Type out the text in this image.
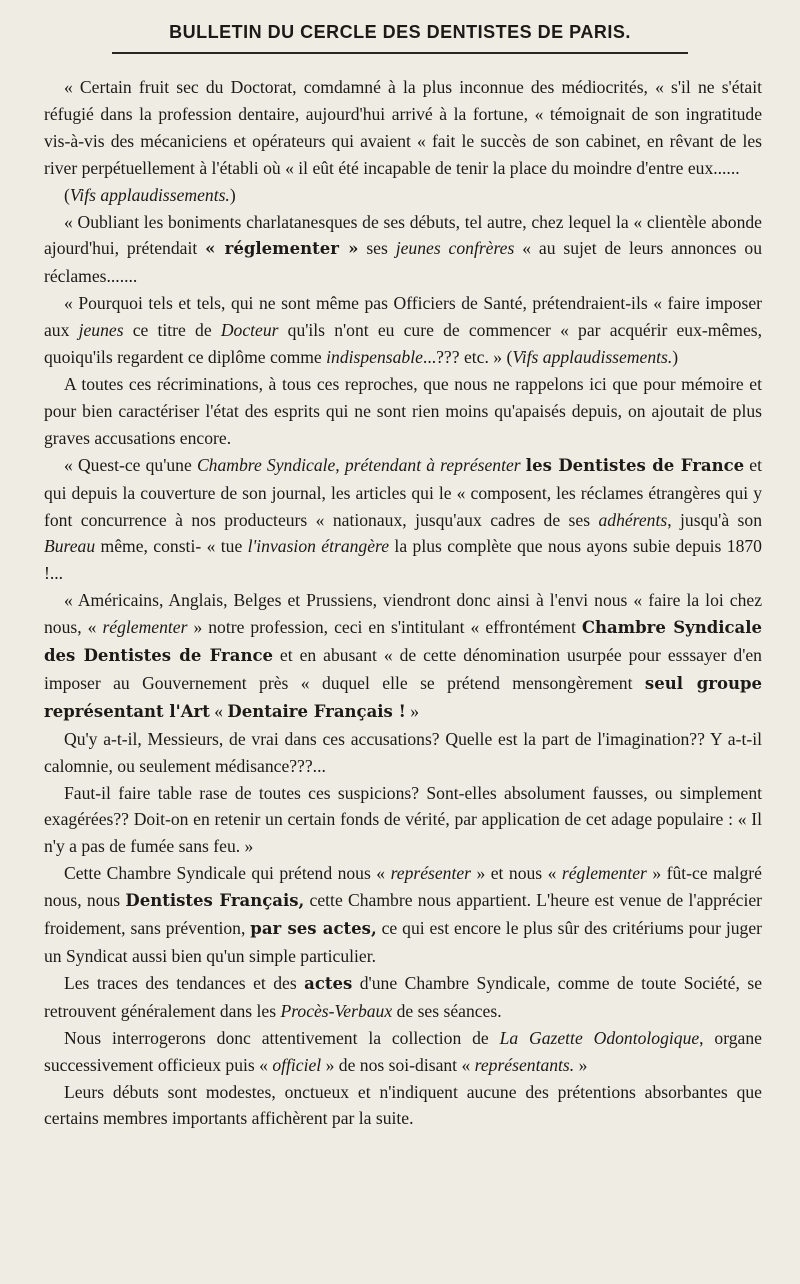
BULLETIN DU CERCLE DES DENTISTES DE PARIS.

« Certain fruit sec du Doctorat, comdamné à la plus inconnue des médiocrités, « s'il ne s'était réfugié dans la profession dentaire, aujourd'hui arrivé à la fortune, « témoignait de son ingratitude vis-à-vis des mécaniciens et opérateurs qui avaient « fait le succès de son cabinet, en rêvant de les river perpétuellement à l'établi où « il eût été incapable de tenir la place du moindre d'entre eux......

(Vifs applaudissements.)

« Oubliant les boniments charlatanesques de ses débuts, tel autre, chez lequel la « clientèle abonde ajourd'hui, prétendait « réglementer » ses jeunes confrères « au sujet de leurs annonces ou réclames.......

« Pourquoi tels et tels, qui ne sont même pas Officiers de Santé, prétendraient-ils « faire imposer aux jeunes ce titre de Docteur qu'ils n'ont eu cure de commencer « par acquérir eux-mêmes, quoiqu'ils regardent ce diplôme comme indispensable...??? etc. » (Vifs applaudissements.)

A toutes ces récriminations, à tous ces reproches, que nous ne rappelons ici que pour mémoire et pour bien caractériser l'état des esprits qui ne sont rien moins qu'apaisés depuis, on ajoutait de plus graves accusations encore.

« Quest-ce qu'une Chambre Syndicale, prétendant à représenter les Dentistes de France et qui depuis la couverture de son journal, les articles qui le « composent, les réclames étrangères qui y font concurrence à nos producteurs « nationaux, jusqu'aux cadres de ses adhérents, jusqu'à son Bureau même, consti- « tue l'invasion étrangère la plus complète que nous ayons subie depuis 1870 !...

« Américains, Anglais, Belges et Prussiens, viendront donc ainsi à l'envi nous « faire la loi chez nous, « réglementer » notre profession, ceci en s'intitulant « effrontément Chambre Syndicale des Dentistes de France et en abusant « de cette dénomination usurpée pour esssayer d'en imposer au Gouvernement près « duquel elle se prétend mensongèrement seul groupe représentant l'Art « Dentaire Français ! »

Qu'y a-t-il, Messieurs, de vrai dans ces accusations? Quelle est la part de l'imagination?? Y a-t-il calomnie, ou seulement médisance???...

Faut-il faire table rase de toutes ces suspicions? Sont-elles absolument fausses, ou simplement exagérées?? Doit-on en retenir un certain fonds de vérité, par application de cet adage populaire : « Il n'y a pas de fumée sans feu. »

Cette Chambre Syndicale qui prétend nous « représenter » et nous « réglementer » fût-ce malgré nous, nous Dentistes Français, cette Chambre nous appartient. L'heure est venue de l'apprécier froidement, sans prévention, par ses actes, ce qui est encore le plus sûr des critériums pour juger un Syndicat aussi bien qu'un simple particulier.

Les traces des tendances et des actes d'une Chambre Syndicale, comme de toute Société, se retrouvent généralement dans les Procès-Verbaux de ses séances.

Nous interrogerons donc attentivement la collection de La Gazette Odontologique, organe successivement officieux puis « officiel » de nos soi-disant « représentants. »

Leurs débuts sont modestes, onctueux et n'indiquent aucune des prétentions absorbantes que certains membres importants affichèrent par la suite.
